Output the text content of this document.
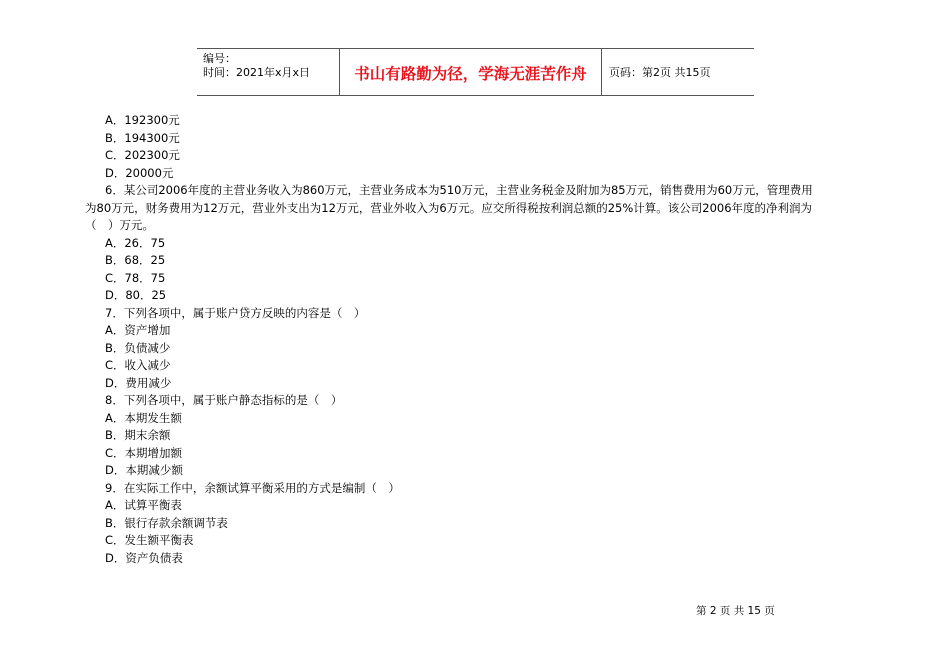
编号：
时间：2021年x月x日	书山有路勤为径，学海无涯苦作舟	页码：第2页 共15页
A．192300元
B．194300元
C．202300元
D．20000元
6．某公司2006年度的主营业务收入为860万元，主营业务成本为510万元，主营业务税金及附加为85万元，销售费用为60万元，管理费用
为80万元，财务费用为12万元，营业外支出为12万元，营业外收入为6万元。应交所得税按利润总额的25%计算。该公司2006年度的净利润为
（　）万元。
A．26．75
B．68．25
C．78．75
D．80．25
7．下列各项中，属于账户贷方反映的内容是（　）
A．资产增加
B．负债减少
C．收入减少
D．费用减少
8．下列各项中，属于账户静态指标的是（　）
A．本期发生额
B．期末余额
C．本期增加额
D．本期减少额
9．在实际工作中，余额试算平衡采用的方式是编制（　）
A．试算平衡表
B．银行存款余额调节表
C．发生额平衡表
D．资产负债表
第 2 页 共 15 页
